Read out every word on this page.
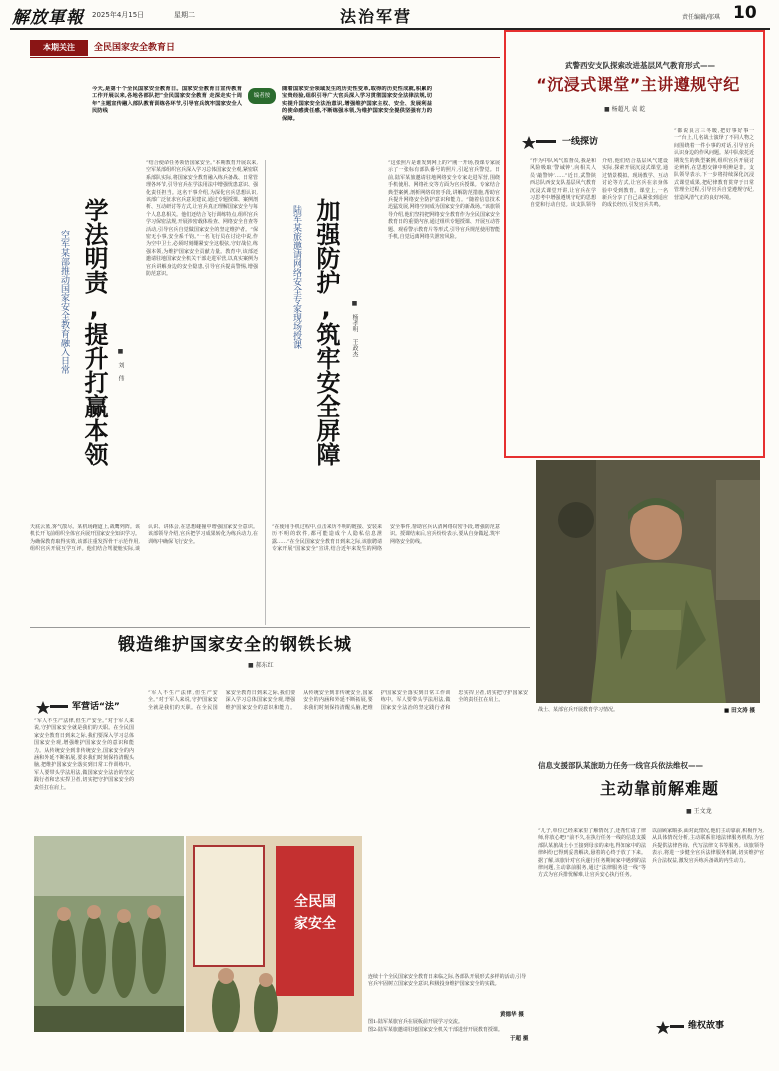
解放軍報 2025年4月15日	星期二	法治军营	责任编辑/邬琪 10
本期关注	全民国家安全教育日
今天,是第十个全民国家安全教育日。国家安全教育日宣传教育工作开展以来,各地各部队把“全民国家安全教育 走深走实十周年”主题宣传融入部队教育训练各环节,引导官兵筑牢国家安全人民防线
编者按
随着国家安全领域发生的历史性变革,取得的历史性成就,积累的宝贵经验,组织引导广大官兵深入学习贯彻国家安全法律法规,切实提升国家安全法治意识,增强维护国家主权、安全、发展利益的使命感责任感,不断练强本领,为维护国家安全提供坚强有力的保障。
学法明责,提升打赢本领
空军某部推动国家安全教育融入日常	■ 刘 伟
“结合使命任务领悟国家安全。”本期教育开展以来,空军某部组织官兵深入学习总体国家安全观,紧密联系部队实际,将国家安全教育融入练兵备战、日常管理各环节,引导官兵在学法用法中增强忧患意识、强化责任担当。这名干事介绍,为深化官兵思想认识,该部广泛征求官兵意见建议,通过专题授课、案例剖析、互动研讨等方式,让官兵真正理解国家安全与每个人息息相关。他们还结合飞行训练特点,组织官兵学习保密法规,开展涉密载体检查、网络安全自查等活动,引导官兵自觉做国家安全的坚定维护者。“保密无小事,安全系千钧。”一名飞行员在讨论中说,作为空中卫士,必须时刻绷紧安全这根弦,守好战位,练强本领,为维护国家安全贡献力量。教育中,该部还邀请驻地国家安全机关干部走进军营,以真实案例为官兵讲解身边的安全隐患,引导官兵提高警惕,增强防范意识。
天底云蓝,雾气散尽。某机场跑道上,战鹰列阵。该机长开飞前组织全体官兵展开国家安全知识学习。为确保教育取得实效,该部注重发挥骨干示范作用,组织官兵开展互学互评。他们结合驾驶舱实际,谈认识、讲体会,在思想碰撞中增强国家安全意识。该部领导介绍,官兵把学习成果转化为练兵动力,在训练中确保飞行安全。
加强防护,筑牢安全屏障
陆军某旅邀请网络安全专家现场授课	■ 杨孝明 王政杰
“这张照片是谁发到网上的?”刚一开场,授课专家展示了一张标有部队番号的照片,引起官兵警觉。日前,陆军某旅邀请驻地网络安全专家走进军营,围绕手机使用、网络社交等方面为官兵授课。专家结合典型案例,剖析网络窃密手段,讲解防范措施,帮助官兵提升网络安全防护意识和能力。“随着信息技术迅猛发展,网络空间成为国家安全的新战场。”该旅领导介绍,他们坚持把网络安全教育作为全民国家安全教育日的重要内容,通过组织专题授课、开展互动答题、观看警示教育片等形式,引导官兵规范使用智能手机,自觉远离网络失泄密风险。
“在使用手机过程中,点击来历不明的链接、安装来历不明的软件,都可能造成个人隐私信息泄露……”在全民国家安全教育日到来之际,该旅聘请专家开展“国家安全”宣讲,结合近年来发生的网络安全事件,帮助官兵认清网络窃密手段,增强防范意识。授课结束后,官兵纷纷表示,要从自身做起,筑牢网络安全防线。
武警西安支队探索改进基层风气教育形式——
“沉浸式课堂”主讲遵规守纪
■ 杨超凡 袁 乾
一线探访
“作为中队风气监督员,我是和风险吸取‘警诫钟’,向相关人员‘敲警钟’……”近日,武警陕西总队西安支队基层风气教育沉浸式课堂开讲,让官兵在学习思考中增强遵规守纪的思想自觉和行动自觉。该支队领导介绍,他们结合基层风气建设实际,探索开展沉浸式课堂,通过情景模拟、现场教学、互动讨论等方式,让官兵在亲身体验中受到教育。课堂上,一名新兵分享了自己从紧张到适应的成长经历,引发官兵共鸣。
“都说良言三冬暖,把好事好事一一”台上,几名战士演绎了不同人物之间围绕着一件小事的对话,引导官兵认识身边的作风问题。某中队依托近期发生的典型案例,组织官兵开展讨论辨析,在思想交锋中明辨是非。支队领导表示,下一步将持续深化沉浸式课堂成果,把纪律教育贯穿于日常管理全过程,引导官兵自觉遵规守纪,营造风清气正的良好环境。
战士、某部官兵开展教育学习情况。	■ 田文涛 摄
锻造维护国家安全的钢铁长城
■ 郝东红
军营话“法”
“军人不生产法律,但生产安全。”对于军人来说,守护国家安全就是我们的天职。在全民国家安全教育日到来之际,我们要深入学习总体国家安全观,增强维护国家安全的意识和能力。从传统安全到非传统安全,国家安全的内涵和外延不断拓展,要求我们时刻保持清醒头脑,把维护国家安全落实到日常工作训练中。军人要带头学法用法,做国家安全法治的坚定践行者和忠实捍卫者,切实把守护国家安全的责任扛在肩上。
“军人不生产法律,但生产安全。”对于军人来说,守护国家安全就是我们的天职。在全民国家安全教育日到来之际,我们要深入学习总体国家安全观,增强维护国家安全的意识和能力。从传统安全到非传统安全,国家安全的内涵和外延不断拓展,要求我们时刻保持清醒头脑,把维护国家安全落实到日常工作训练中。军人要带头学法用法,做国家安全法治的坚定践行者和忠实捍卫者,切实把守护国家安全的责任扛在肩上。
全民国
家安全
连续十个全民国家安全教育日来临之际,各部队开展形式多样的活动,引导官兵牢固树立国家安全意识,积极投身维护国家安全的实践。
黄德华 摄
图1:陆军某旅官兵在展板前开展学习交流。
图2:陆军某旅邀请驻地国家安全机关干部进营开展教育授课。
于超 摄
信息支援部队某旅助力任务一线官兵依法维权——
主动靠前解难题
■ 王文龙
“儿子,单位已经来家里了解情况了,还帮忙请了律师,你放心吧!”前不久,在执行任务一线的信息支援部队某旅战士小王接到母亲的来电,得知家中的法律纠纷已得到妥善解决,悬着的心终于放了下来。据了解,该旅针对官兵遂行任务期间家中遇到的法律问题,主动靠前服务,通过“法律服务进一线”等方式为官兵排忧解难,让官兵安心执行任务。
以前顾家暇多,面对此情况,他们主动靠前,积极作为,从具体情况分析,主动联系驻地法律服务机构,为官兵提供法律咨询、代写法律文书等服务。该旅领导表示,将进一步健全官兵法律服务机制,切实维护官兵合法权益,激发官兵练兵备战的内生动力。
维权故事
